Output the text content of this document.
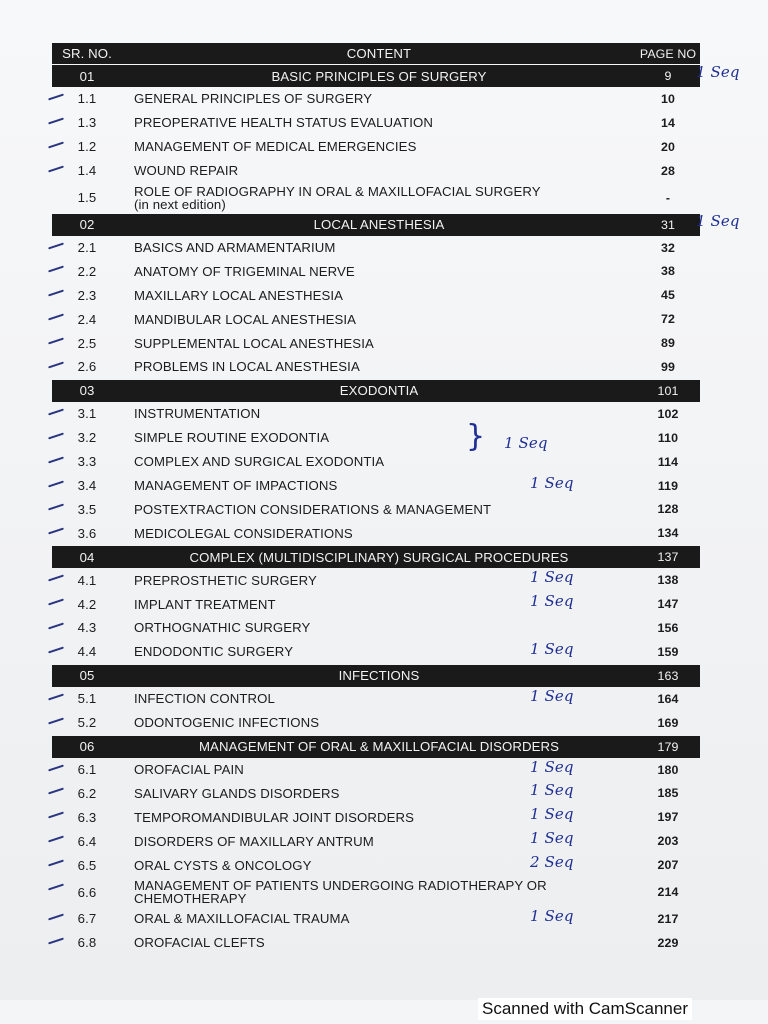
SR. NO.	CONTENT	PAGE NO
01	BASIC PRINCIPLES OF SURGERY	9	1 Seq
1.1	GENERAL PRINCIPLES OF SURGERY	10
1.3	PREOPERATIVE HEALTH STATUS EVALUATION	14
1.2	MANAGEMENT OF MEDICAL EMERGENCIES	20
1.4	WOUND REPAIR	28
1.5	ROLE OF RADIOGRAPHY IN ORAL & MAXILLOFACIAL SURGERY
(in next edition)	-
02	LOCAL ANESTHESIA	31	1 Seq
2.1	BASICS AND ARMAMENTARIUM	32
2.2	ANATOMY OF TRIGEMINAL NERVE	38
2.3	MAXILLARY LOCAL ANESTHESIA	45
2.4	MANDIBULAR LOCAL ANESTHESIA	72
2.5	SUPPLEMENTAL LOCAL ANESTHESIA	89
2.6	PROBLEMS IN LOCAL ANESTHESIA	99
03	EXODONTIA	101
3.1	INSTRUMENTATION	102
3.2	SIMPLE ROUTINE EXODONTIA	110
} 1 Seq
3.3	COMPLEX AND SURGICAL EXODONTIA	114
3.4	MANAGEMENT OF IMPACTIONS	119
1 Seq
3.5	POSTEXTRACTION CONSIDERATIONS & MANAGEMENT	128
3.6	MEDICOLEGAL CONSIDERATIONS	134
04	COMPLEX (MULTIDISCIPLINARY) SURGICAL PROCEDURES	137
4.1	PREPROSTHETIC SURGERY	138
1 Seq
4.2	IMPLANT TREATMENT	147
1 Seq
4.3	ORTHOGNATHIC SURGERY	156
4.4	ENDODONTIC SURGERY	159
1 Seq
05	INFECTIONS	163
5.1	INFECTION CONTROL	164
1 Seq
5.2	ODONTOGENIC INFECTIONS	169
06	MANAGEMENT OF ORAL & MAXILLOFACIAL DISORDERS	179
6.1	OROFACIAL PAIN	180
1 Seq
6.2	SALIVARY GLANDS DISORDERS	185
1 Seq
6.3	TEMPOROMANDIBULAR JOINT DISORDERS	197
1 Seq
6.4	DISORDERS OF MAXILLARY ANTRUM	203
1 Seq
6.5	ORAL CYSTS & ONCOLOGY	207
2 Seq
6.6	MANAGEMENT OF PATIENTS UNDERGOING RADIOTHERAPY OR
CHEMOTHERAPY	214
6.7	ORAL & MAXILLOFACIAL TRAUMA	217
1 Seq
6.8	OROFACIAL CLEFTS	229
Scanned with CamScanner
